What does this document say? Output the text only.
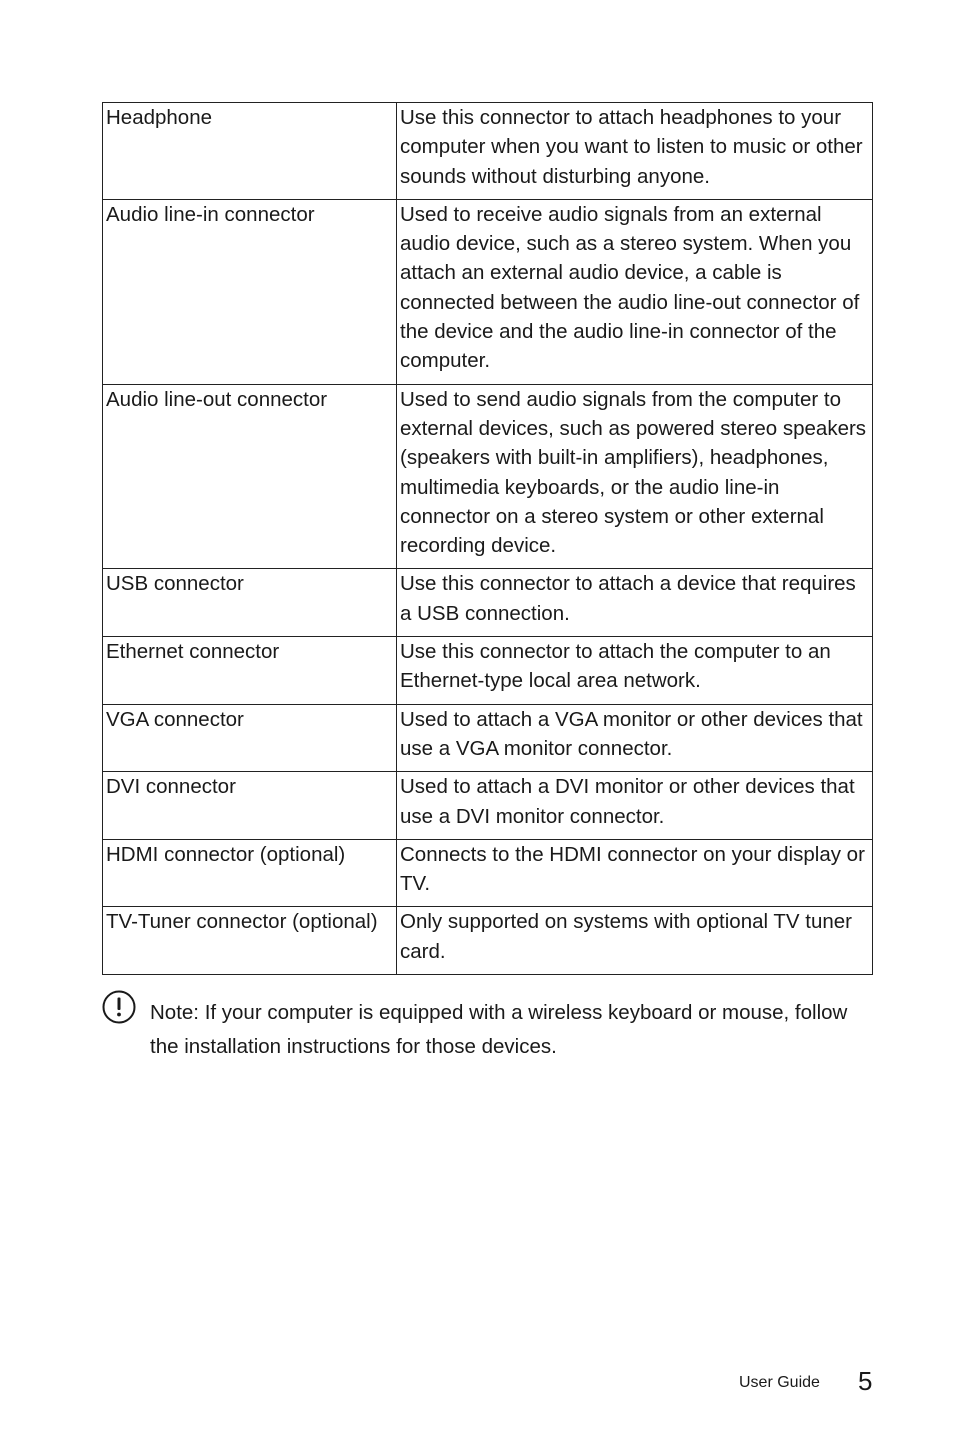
Headphone	Use this connector to attach headphones to your computer when you want to listen to music or other sounds without disturbing anyone.
Audio line-in connector	Used to receive audio signals from an external audio device, such as a stereo system. When you attach an external audio device, a cable is connected between the audio line-out connector of the device and the audio line-in connector of the computer.
Audio line-out connector	Used to send audio signals from the computer to external devices, such as powered stereo speakers (speakers with built-in amplifiers), headphones, multimedia keyboards, or the audio line-in connector on a stereo system or other external recording device.
USB connector	Use this connector to attach a device that requires a USB connection.
Ethernet connector	Use this connector to attach the computer to an Ethernet-type local area network.
VGA connector	Used to attach a VGA monitor or other devices that use a VGA monitor connector.
DVI connector	Used to attach a DVI monitor or other devices that use a DVI monitor connector.
HDMI connector (optional)	Connects to the HDMI connector on your display or TV.
TV-Tuner connector (optional)	Only supported on systems with optional TV tuner card.
Note: If your computer is equipped with a wireless keyboard or mouse, follow the installation instructions for those devices.
User Guide 5
